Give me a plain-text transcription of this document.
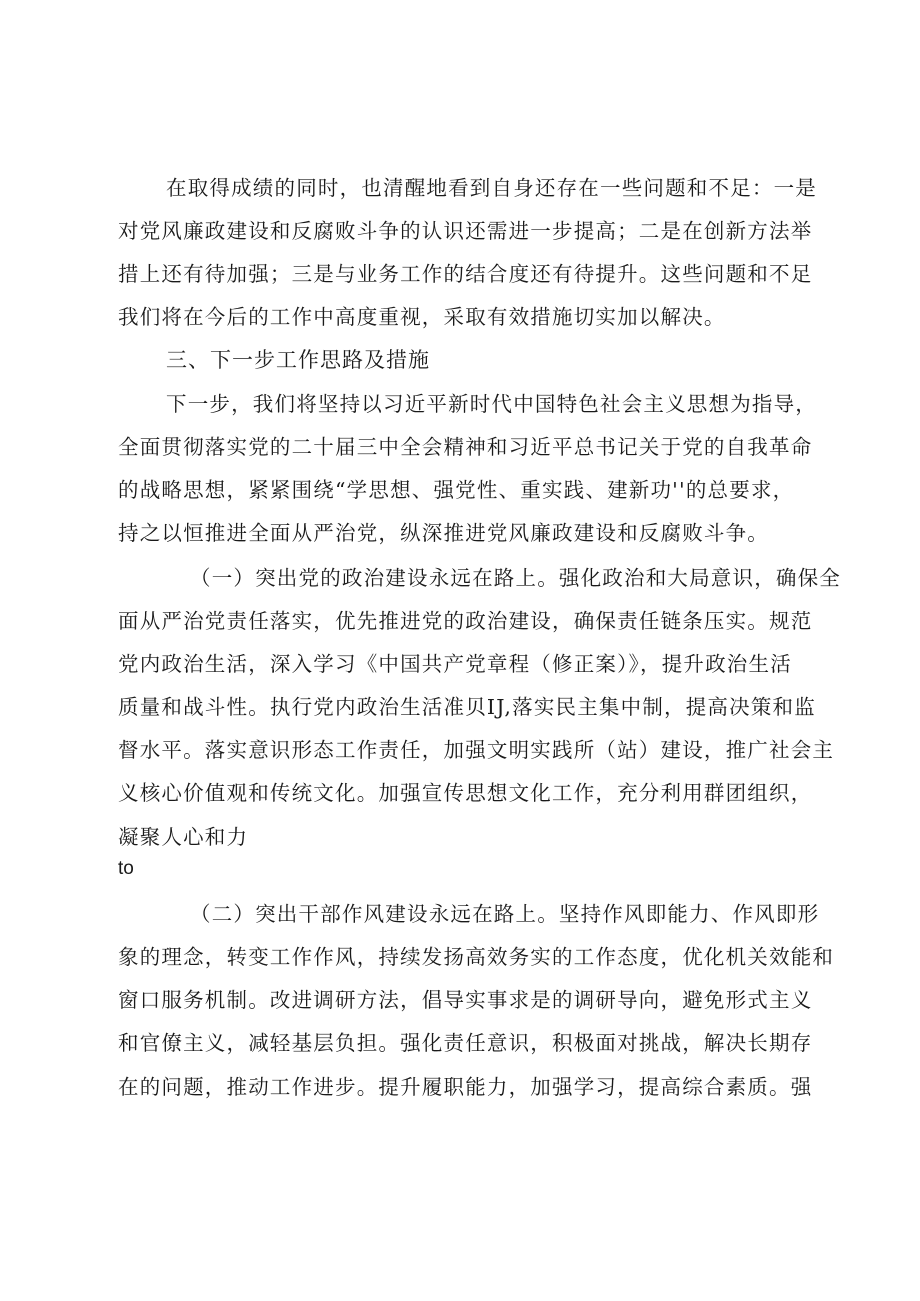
在取得成绩的同时，也清醒地看到自身还存在一些问题和不足：一是
对党风廉政建设和反腐败斗争的认识还需进一步提高；二是在创新方法举
措上还有待加强；三是与业务工作的结合度还有待提升。这些问题和不足
我们将在今后的工作中高度重视，采取有效措施切实加以解决。
三、下一步工作思路及措施
下一步，我们将坚持以习近平新时代中国特色社会主义思想为指导，
全面贯彻落实党的二十届三中全会精神和习近平总书记关于党的自我革命
的战略思想，紧紧围绕“学思想、强党性、重实践、建新功''的总要求，
持之以恒推进全面从严治党，纵深推进党风廉政建设和反腐败斗争。
（一）突出党的政治建设永远在路上。强化政治和大局意识，确保全
面从严治党责任落实，优先推进党的政治建设，确保责任链条压实。规范
党内政治生活，深入学习《中国共产党章程（修正案）》，提升政治生活
质量和战斗性。执行党内政治生活准贝IJ,落实民主集中制，提高决策和监
督水平。落实意识形态工作责任，加强文明实践所（站）建设，推广社会主
义核心价值观和传统文化。加强宣传思想文化工作，充分利用群团组织，
凝聚人心和力
to
（二）突出干部作风建设永远在路上。坚持作风即能力、作风即形
象的理念，转变工作作风，持续发扬高效务实的工作态度，优化机关效能和
窗口服务机制。改进调研方法，倡导实事求是的调研导向，避免形式主义
和官僚主义，减轻基层负担。强化责任意识，积极面对挑战，解决长期存
在的问题，推动工作进步。提升履职能力，加强学习，提高综合素质。强
